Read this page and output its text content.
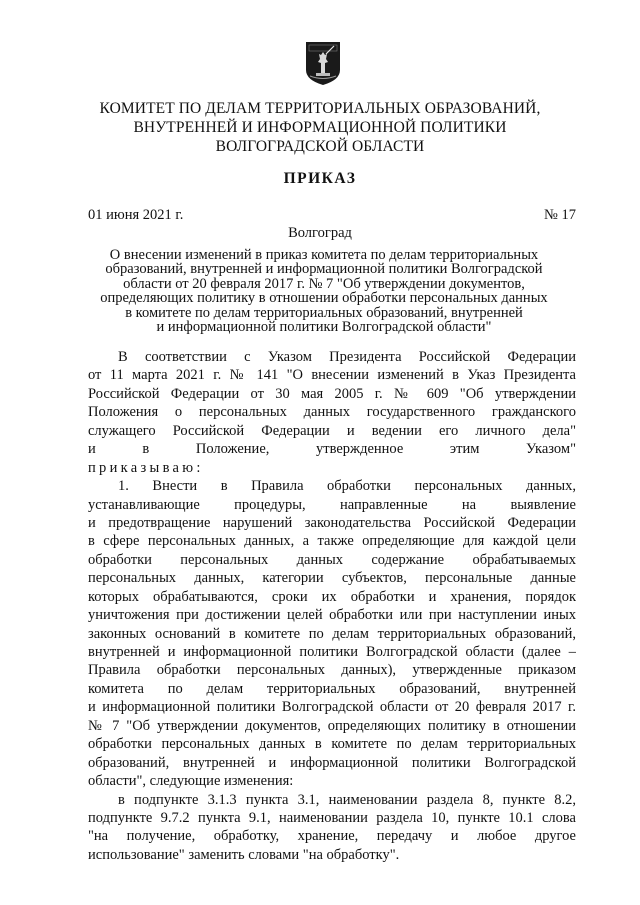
КОМИТЕТ ПО ДЕЛАМ ТЕРРИТОРИАЛЬНЫХ ОБРАЗОВАНИЙ,
ВНУТРЕННЕЙ И ИНФОРМАЦИОННОЙ ПОЛИТИКИ
ВОЛГОГРАДСКОЙ ОБЛАСТИ
ПРИКАЗ
01 июня 2021 г.	№ 17
Волгоград
О внесении изменений в приказ комитета по делам территориальных
образований, внутренней и информационной политики Волгоградской
области от 20 февраля 2017 г. № 7 "Об утверждении документов,
определяющих политику в отношении обработки персональных данных
в комитете по делам территориальных образований, внутренней
и информационной политики Волгоградской области"
В соответствии с Указом Президента Российской Федерации
от 11 марта 2021 г. № 141 "О внесении изменений в Указ Президента
Российской Федерации от 30 мая 2005 г. № 609 "Об утверждении
Положения о персональных данных государственного гражданского
служащего Российской Федерации и ведении его личного дела"
и в Положение, утвержденное этим Указом"
приказываю:
1. Внести в Правила обработки персональных данных,
устанавливающие процедуры, направленные на выявление
и предотвращение нарушений законодательства Российской Федерации
в сфере персональных данных, а также определяющие для каждой цели
обработки персональных данных содержание обрабатываемых
персональных данных, категории субъектов, персональные данные
которых обрабатываются, сроки их обработки и хранения, порядок
уничтожения при достижении целей обработки или при наступлении иных
законных оснований в комитете по делам территориальных образований,
внутренней и информационной политики Волгоградской области (далее –
Правила обработки персональных данных), утвержденные приказом
комитета по делам территориальных образований, внутренней
и информационной политики Волгоградской области от 20 февраля 2017 г.
№ 7 "Об утверждении документов, определяющих политику в отношении
обработки персональных данных в комитете по делам территориальных
образований, внутренней и информационной политики Волгоградской
области", следующие изменения:
в подпункте 3.1.3 пункта 3.1, наименовании раздела 8, пункте 8.2,
подпункте 9.7.2 пункта 9.1, наименовании раздела 10, пункте 10.1 слова
"на получение, обработку, хранение, передачу и любое другое
использование" заменить словами "на обработку".
